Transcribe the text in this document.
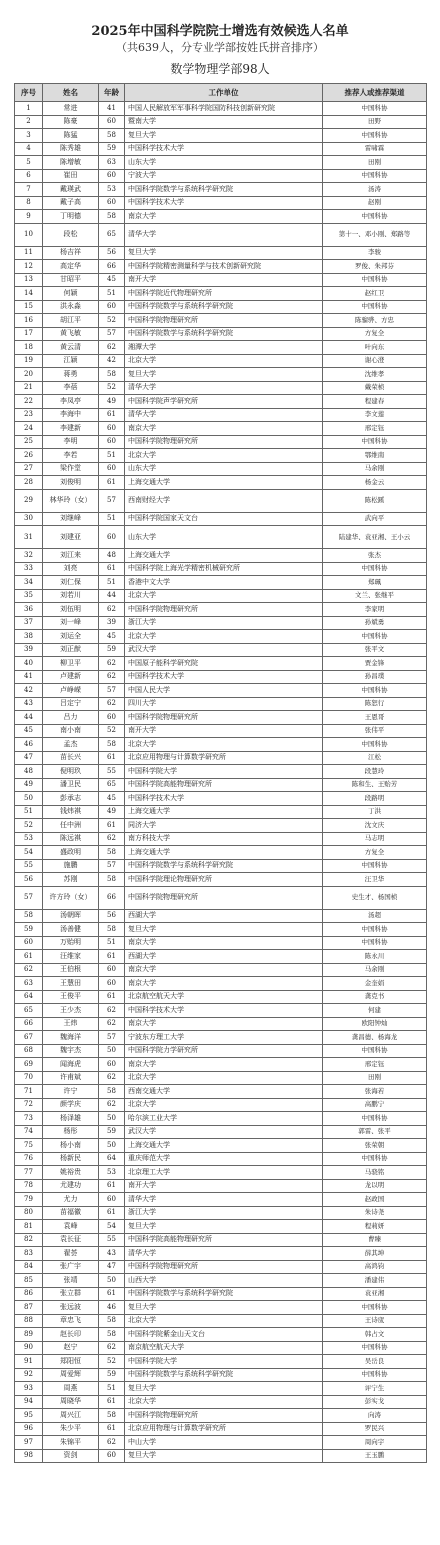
2025年中国科学院院士增选有效候选人名单
（共639人，分专业学部按姓氏拼音排序）
数学物理学部98人
序号	姓名	年龄	工作单位	推荐人或推荐渠道
1	常进	41	中国人民解放军军事科学院国防科技创新研究院	中国科协
2	陈豪	60	暨南大学	田野
3	陈猛	58	复旦大学	中国科协
4	陈秀雄	59	中国科学技术大学	雷啸霖
5	陈增敏	63	山东大学	田刚
6	崔田	60	宁波大学	中国科协
7	戴瑛武	53	中国科学院数学与系统科学研究院	汤涛
8	戴子高	60	中国科学技术大学	赵刚
9	丁明德	58	南京大学	中国科协
10	段松	65	清华大学	第十一、邓小刚、郑路等
11	杨吉祥	56	复旦大学	李骏
12	高定华	66	中国科学院精密测量科学与技术创新研究院	罗俊、朱邦芬
13	甘昭平	45	南开大学	中国科协
14	何颖	51	中国科学院近代物理研究所	赵红卫
15	洪永淼	60	中国科学院数学与系统科学研究院	中国科协
16	胡江平	52	中国科学院物理研究所	陈骝骅、方忠
17	黄飞敏	57	中国科学院数学与系统科学研究院	方复全
18	黄云清	62	湘潭大学	叶向东
19	江颖	42	北京大学	谢心澄
20	蒋勇	58	复旦大学	沈维孝
21	李蓓	52	清华大学	戴荣桢
22	李凤亭	49	中国科学院声学研究所	程建春
23	李海中	61	清华大学	李文莲
24	李建新	60	南京大学	邢定钰
25	李明	60	中国科学院物理研究所	中国科协
26	李若	51	北京大学	鄂维南
27	梁作堂	60	山东大学	马余刚
28	刘俊明	61	上海交通大学	杨金云
29	林华玲（女）	57	西南财经大学	陈松蹊
30	刘继峰	51	中国科学院国家天文台	武向平
31	刘建亚	60	山东大学	陆建华、袁亚湘、王小云
32	刘江来	48	上海交通大学	张杰
33	刘亮	61	中国科学院上海光学精密机械研究所	中国科协
34	刘仁保	51	香港中文大学	郑珮
35	刘若川	44	北京大学	文兰、张继平
36	刘伍明	62	中国科学院物理研究所	李家明
37	刘一峰	39	浙江大学	孙斌勇
38	刘运全	45	北京大学	中国科协
39	刘正猷	59	武汉大学	张平文
40	柳卫平	62	中国原子能科学研究院	贾金锋
41	卢建新	62	中国科学技术大学	孙昌璞
42	卢峥嵘	57	中国人民大学	中国科协
43	吕定宁	62	四川大学	陈恕行
44	吕力	60	中国科学院物理研究所	王恩哥
45	南小南	52	南开大学	张伟平
46	孟杰	58	北京大学	中国科协
47	苗长兴	61	北京应用物理与计算数学研究所	江松
48	倪明玖	55	中国科学院大学	段慧玲
49	潘卫民	65	中国科学院高能物理研究所	陈和生、王贻芳
50	彭承志	45	中国科学技术大学	段路明
51	钱炜祺	49	上海交通大学	丁洪
52	任中洲	61	同济大学	沈文庆
53	陈远祺	62	南方科技大学	马志明
54	盛政明	58	上海交通大学	方复全
55	施鹏	57	中国科学院数学与系统科学研究院	中国科协
56	苏刚	58	中国科学院理论物理研究所	汪卫华
57	许方玲（女）	66	中国科学院物理研究所	史生才、杨国桢
58	汤朝晖	56	西湖大学	汤超
59	汤善健	58	复旦大学	中国科协
60	万贻明	51	南京大学	中国科协
61	汪维家	61	西湖大学	陈永川
62	王伯根	60	南京大学	马余刚
63	王慧田	60	南京大学	金奎娟
64	王俊平	61	北京航空航天大学	龚克书
65	王少杰	62	中国科学技术大学	何建
66	王炜	62	南京大学	欧阳钟灿
67	魏海洋	57	宁波东方理工大学	龚昌德、杨海龙
68	魏宇杰	50	中国科学院力学研究所	中国科协
69	闻海虎	60	南京大学	邢定钰
70	许甫斌	62	北京大学	田刚
71	许宁	58	西南交通大学	张海若
72	颜学庆	62	北京大学	高鹏宁
73	杨泽雄	50	哈尔滨工业大学	中国科协
74	杨彤	59	武汉大学	郭雷、张平
75	杨小南	50	上海交通大学	张荣朝
76	杨新民	64	重庆师范大学	中国科协
77	姚裕贵	53	北京理工大学	马骁铭
78	尤建功	61	南开大学	龙以明
79	尤力	60	清华大学	赵政国
80	苗福徽	61	浙江大学	朱诗尧
81	袁峰	54	复旦大学	程莉妍
82	袁长征	55	中国科学院高能物理研究所	曹臻
83	翟荟	43	清华大学	薛其坤
84	张广宇	47	中国科学院物理研究所	高鸿钧
85	张靖	50	山西大学	潘建伟
86	张立群	61	中国科学院数学与系统科学研究院	袁亚湘
87	张远波	46	复旦大学	中国科协
88	章忠飞	58	北京大学	王诗宬
89	赵长印	58	中国科学院紫金山天文台	韩占文
90	赵宁	62	南京航空航天大学	中国科协
91	郑阳恒	52	中国科学院大学	吴岳良
92	周爱辉	59	中国科学院数学与系统科学研究院	中国科协
93	周燕	51	复旦大学	评宁生
94	周晓华	61	北京大学	彭实戈
95	周兴江	58	中国科学院物理研究所	向涛
96	朱少平	61	北京应用物理与计算数学研究所	罗民兴
97	朱锦平	62	中山大学	周向宇
98	资剑	60	复旦大学	王玉鹏
